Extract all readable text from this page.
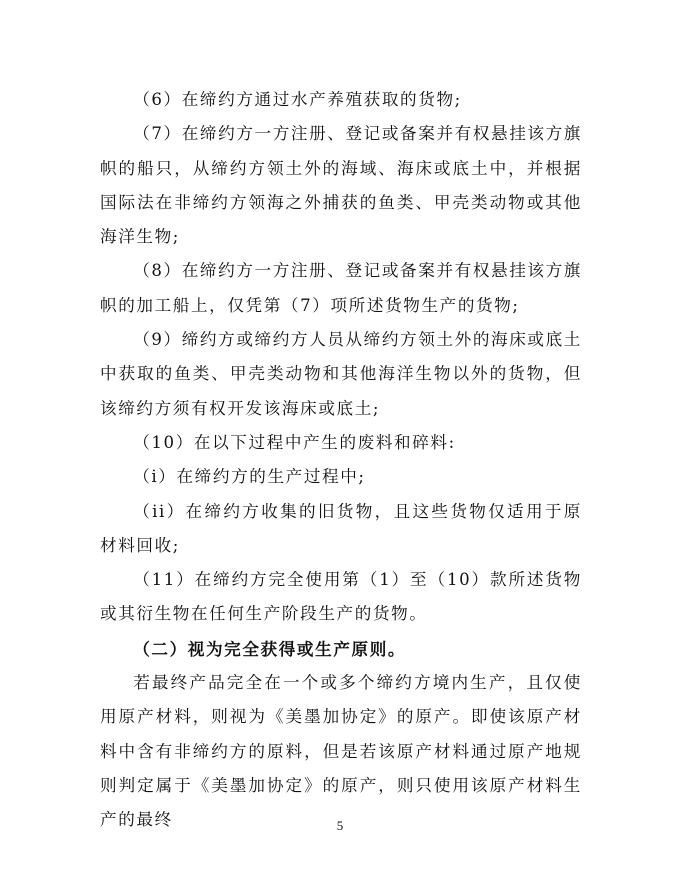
（6）在缔约方通过水产养殖获取的货物;

（7）在缔约方一方注册、登记或备案并有权悬挂该方旗帜的船只，从缔约方领土外的海域、海床或底土中，并根据国际法在非缔约方领海之外捕获的鱼类、甲壳类动物或其他海洋生物;

（8）在缔约方一方注册、登记或备案并有权悬挂该方旗帜的加工船上，仅凭第（7）项所述货物生产的货物;

（9）缔约方或缔约方人员从缔约方领土外的海床或底土中获取的鱼类、甲壳类动物和其他海洋生物以外的货物，但该缔约方须有权开发该海床或底土;

（10）在以下过程中产生的废料和碎料:

（i）在缔约方的生产过程中;

（ii）在缔约方收集的旧货物，且这些货物仅适用于原材料回收;

（11）在缔约方完全使用第（1）至（10）款所述货物或其衍生物在任何生产阶段生产的货物。

（二）视为完全获得或生产原则。

若最终产品完全在一个或多个缔约方境内生产，且仅使用原产材料，则视为《美墨加协定》的原产。即使该原产材料中含有非缔约方的原料，但是若该原产材料通过原产地规则判定属于《美墨加协定》的原产，则只使用该原产材料生产的最终	5
